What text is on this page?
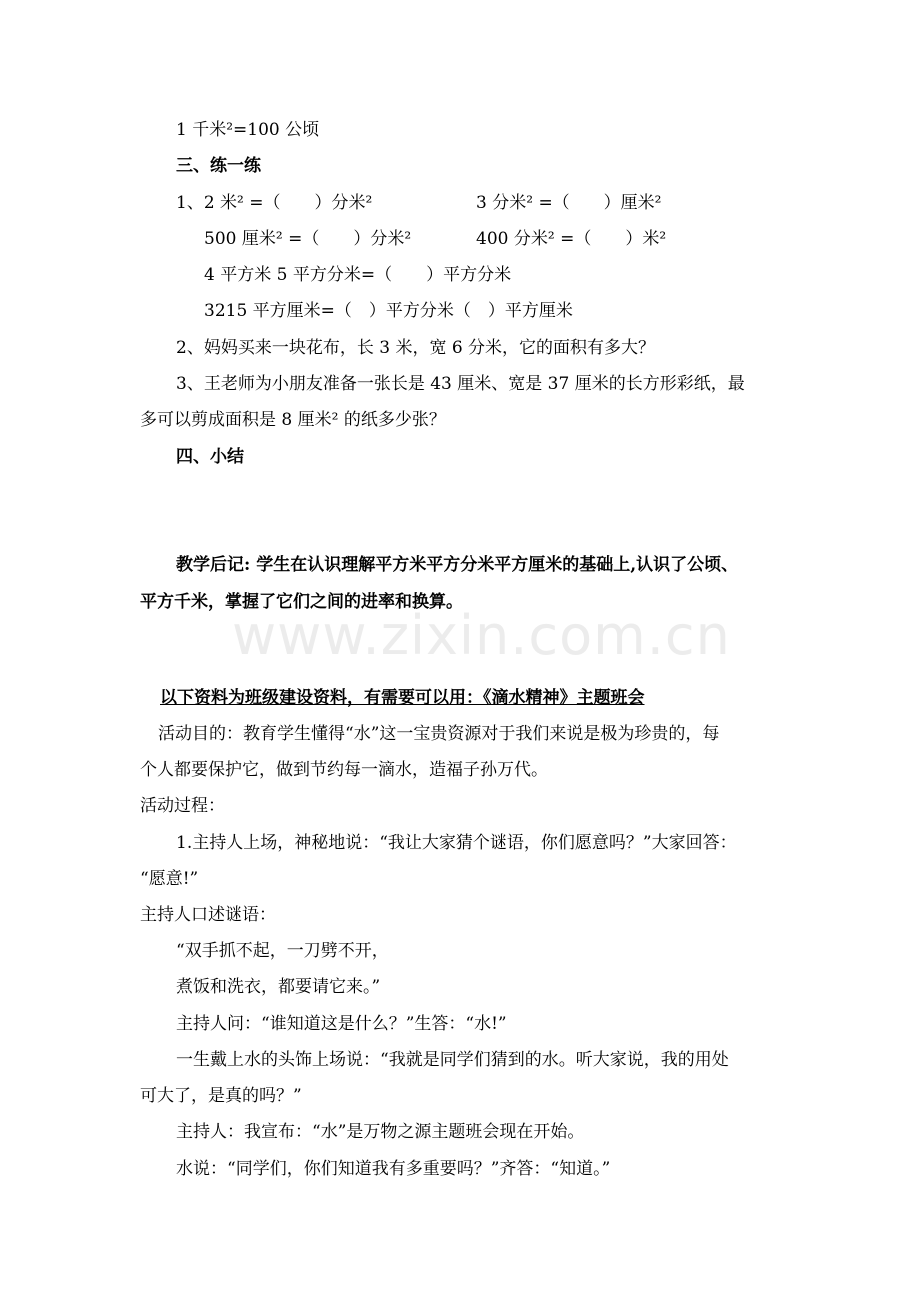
www.zixin.com.cn

1 千米²=100 公顷

三、练一练

1、2 米² =（　　）分米²	3 分米² =（　　）厘米²

500 厘米² =（　　）分米²	400 分米² =（　　）米²

4 平方米 5 平方分米=（　　）平方分米

3215 平方厘米=（　）平方分米（　）平方厘米

2、妈妈买来一块花布，长 3 米，宽 6 分米，它的面积有多大？

3、王老师为小朋友准备一张长是 43 厘米、宽是 37 厘米的长方形彩纸，最

多可以剪成面积是 8 厘米² 的纸多少张？

四、小结

教学后记: 学生在认识理解平方米平方分米平方厘米的基础上,认识了公顷、

平方千米，掌握了它们之间的进率和换算。

以下资料为班级建设资料，有需要可以用：《滴水精神》主题班会

活动目的：教育学生懂得“水”这一宝贵资源对于我们来说是极为珍贵的，每

个人都要保护它，做到节约每一滴水，造福子孙万代。

活动过程：

1.主持人上场，神秘地说：“我让大家猜个谜语，你们愿意吗？”大家回答：

“愿意!”

主持人口述谜语：

“双手抓不起，一刀劈不开，

煮饭和洗衣，都要请它来。”

主持人问：“谁知道这是什么？”生答：“水!”

一生戴上水的头饰上场说：“我就是同学们猜到的水。听大家说，我的用处

可大了，是真的吗？”

主持人：我宣布：“水”是万物之源主题班会现在开始。

水说：“同学们，你们知道我有多重要吗？”齐答：“知道。”
